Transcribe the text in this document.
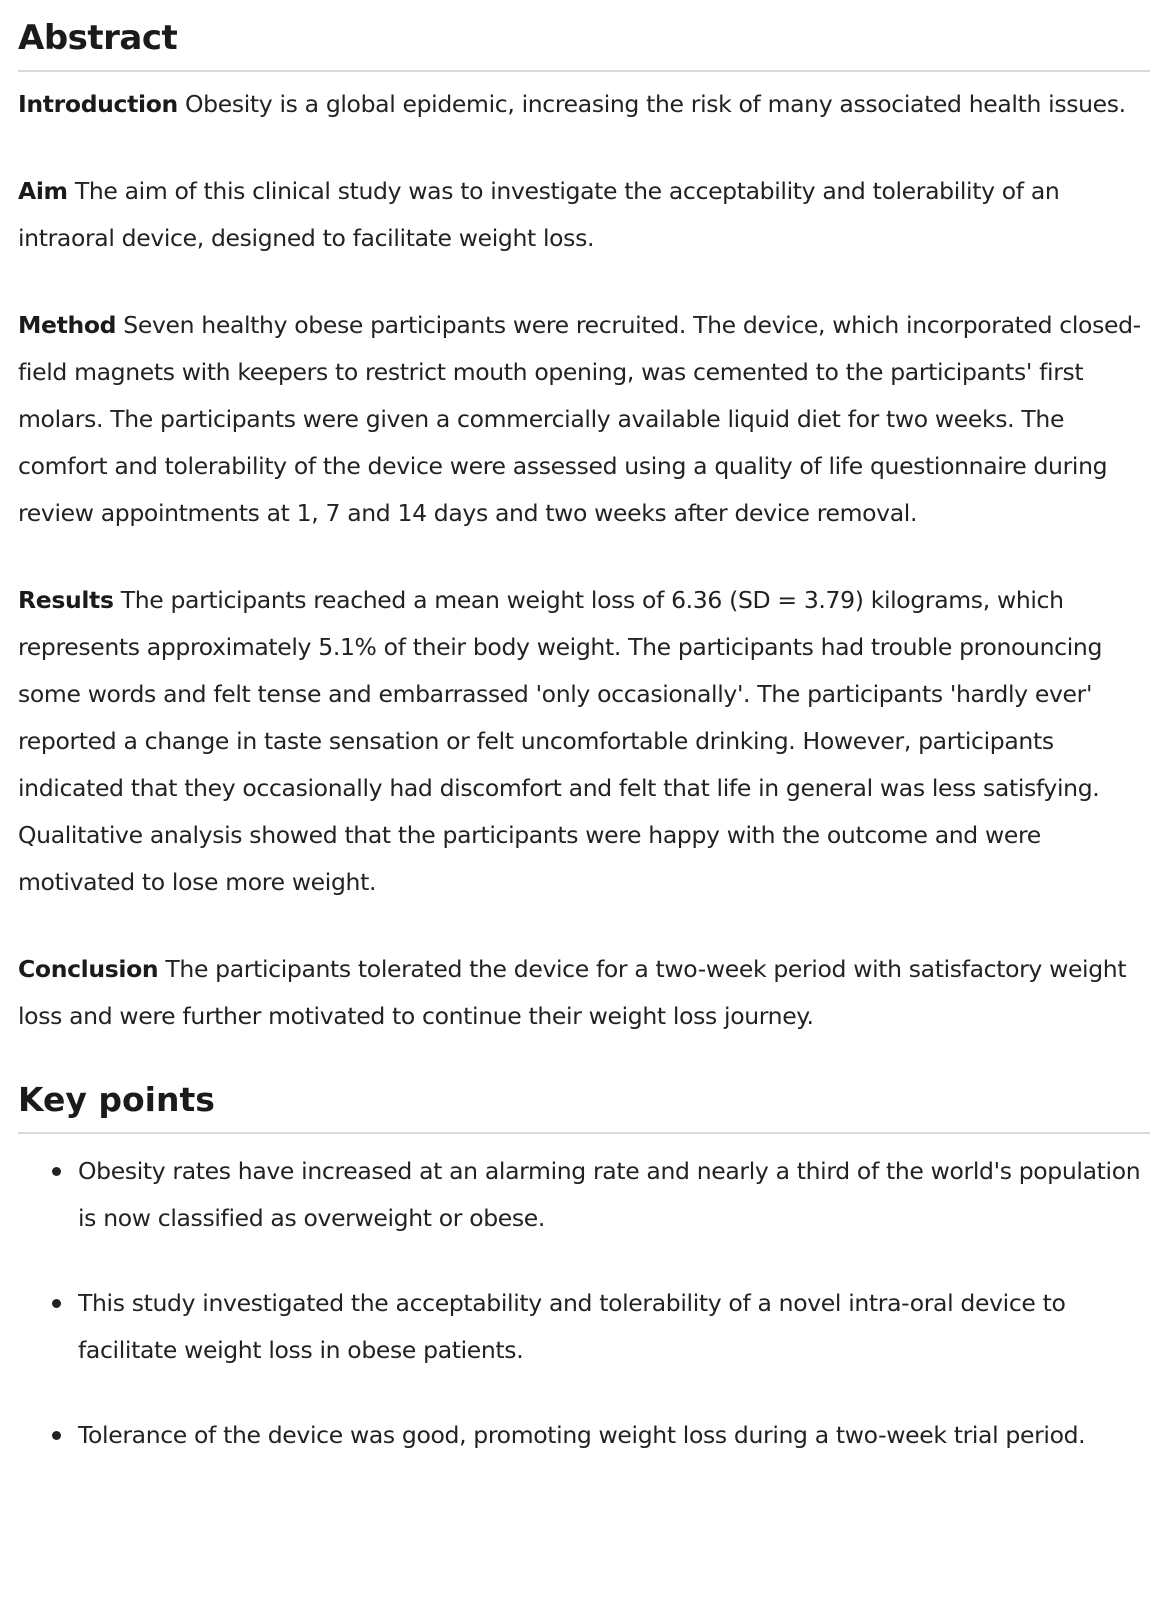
Abstract

Introduction Obesity is a global epidemic, increasing the risk of many associated health issues.

Aim The aim of this clinical study was to investigate the acceptability and tolerability of an intraoral device, designed to facilitate weight loss.

Method Seven healthy obese participants were recruited. The device, which incorporated closed-field magnets with keepers to restrict mouth opening, was cemented to the participants' first molars. The participants were given a commercially available liquid diet for two weeks. The comfort and tolerability of the device were assessed using a quality of life questionnaire during review appointments at 1, 7 and 14 days and two weeks after device removal.

Results The participants reached a mean weight loss of 6.36 (SD = 3.79) kilograms, which represents approximately 5.1% of their body weight. The participants had trouble pronouncing some words and felt tense and embarrassed 'only occasionally'. The participants 'hardly ever' reported a change in taste sensation or felt uncomfortable drinking. However, participants indicated that they occasionally had discomfort and felt that life in general was less satisfying. Qualitative analysis showed that the participants were happy with the outcome and were motivated to lose more weight.

Conclusion The participants tolerated the device for a two-week period with satisfactory weight loss and were further motivated to continue their weight loss journey.

Key points
Obesity rates have increased at an alarming rate and nearly a third of the world's population is now classified as overweight or obese.
This study investigated the acceptability and tolerability of a novel intra-oral device to facilitate weight loss in obese patients.
Tolerance of the device was good, promoting weight loss during a two-week trial period.
